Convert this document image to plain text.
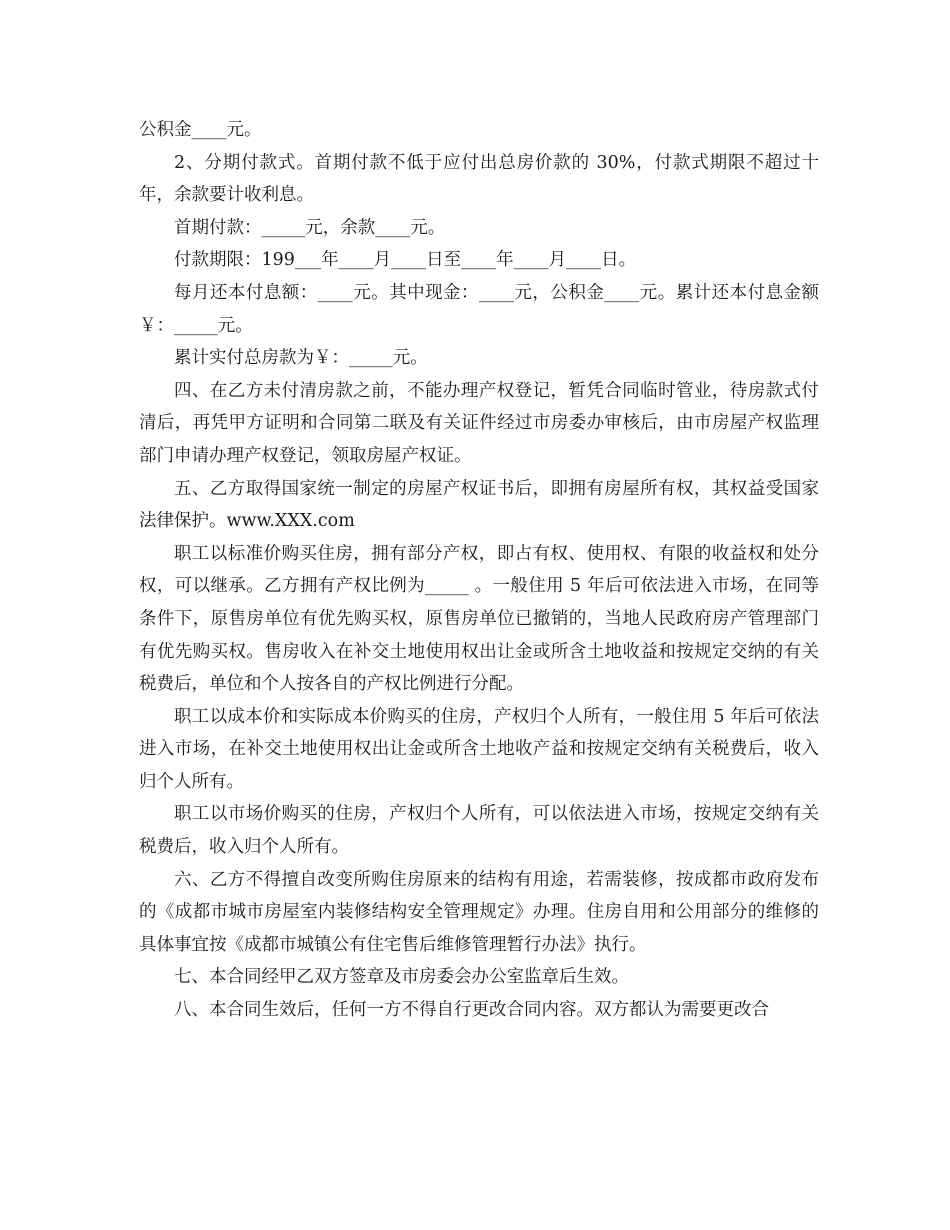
公积金____元。

2、分期付款式。首期付款不低于应付出总房价款的 30%，付款式期限不超过十年，余款要计收利息。

首期付款：_____元，余款____元。

付款期限：199___年____月____日至____年____月____日。

每月还本付息额：____元。其中现金：____元，公积金____元。累计还本付息金额￥：_____元。

累计实付总房款为￥：_____元。

四、在乙方未付清房款之前，不能办理产权登记，暂凭合同临时管业，待房款式付清后，再凭甲方证明和合同第二联及有关证件经过市房委办审核后，由市房屋产权监理部门申请办理产权登记，领取房屋产权证。

五、乙方取得国家统一制定的房屋产权证书后，即拥有房屋所有权，其权益受国家法律保护。www.XXX.com

职工以标准价购买住房，拥有部分产权，即占有权、使用权、有限的收益权和处分权，可以继承。乙方拥有产权比例为_____ 。一般住用 5 年后可依法进入市场，在同等条件下，原售房单位有优先购买权，原售房单位已撤销的，当地人民政府房产管理部门有优先购买权。售房收入在补交土地使用权出让金或所含土地收益和按规定交纳的有关税费后，单位和个人按各自的产权比例进行分配。

职工以成本价和实际成本价购买的住房，产权归个人所有，一般住用 5 年后可依法进入市场，在补交土地使用权出让金或所含土地收产益和按规定交纳有关税费后，收入归个人所有。

职工以市场价购买的住房，产权归个人所有，可以依法进入市场，按规定交纳有关税费后，收入归个人所有。

六、乙方不得擅自改变所购住房原来的结构有用途，若需装修，按成都市政府发布的《成都市城市房屋室内装修结构安全管理规定》办理。住房自用和公用部分的维修的具体事宜按《成都市城镇公有住宅售后维修管理暂行办法》执行。

七、本合同经甲乙双方签章及市房委会办公室监章后生效。

八、本合同生效后，任何一方不得自行更改合同内容。双方都认为需要更改合
